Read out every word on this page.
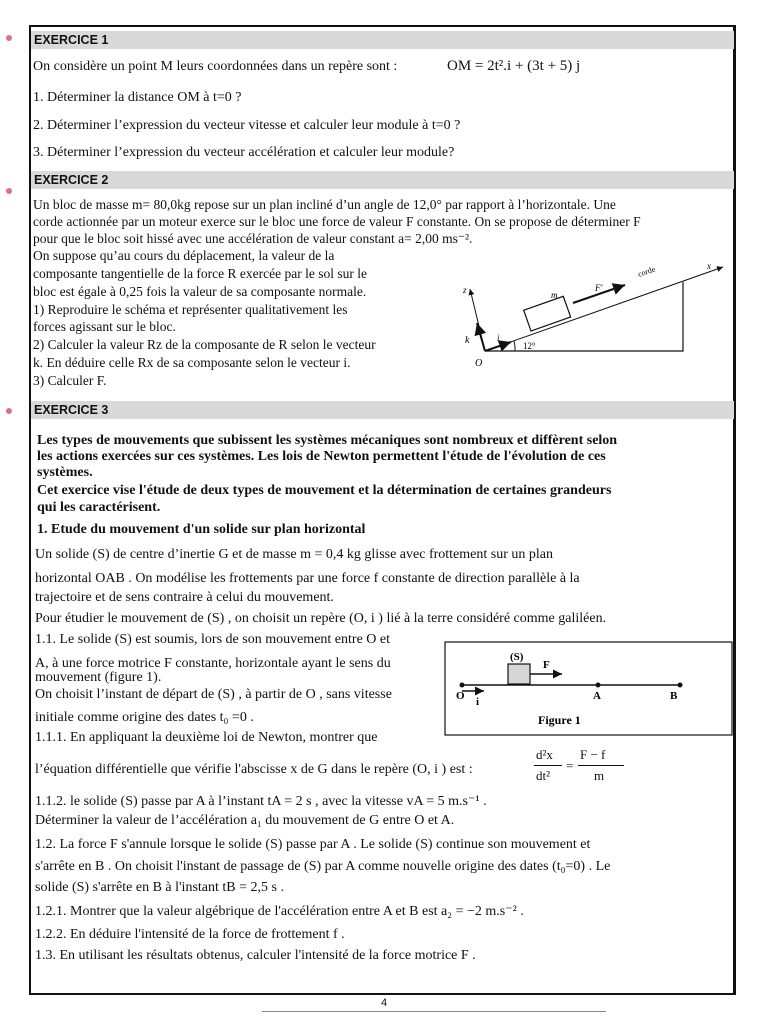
EXERCICE 1
On considère un point M leurs coordonnées dans un repère sont :	OM = 2t².i + (3t + 5) j
1. Déterminer la distance OM à t=0 ?
2. Déterminer l’expression du vecteur vitesse et calculer leur module à t=0 ?
3. Déterminer l’expression du vecteur accélération et calculer leur module?
EXERCICE 2
Un bloc de masse m= 80,0kg repose sur un plan incliné d’un angle de 12,0° par rapport à l’horizontale. Une
corde actionnée par un moteur exerce sur le bloc une force de valeur F constante. On se propose de déterminer F
pour que le bloc soit hissé avec une accélération de valeur constant a= 2,00 ms⁻².
On suppose qu’au cours du déplacement, la valeur de la
composante tangentielle de la force R exercée par le sol sur le
bloc est égale à 0,25 fois la valeur de sa composante normale.
1) Reproduire le schéma et représenter qualitativement les
forces agissant sur le bloc.
2) Calculer la valeur Rz de la composante de R selon le vecteur
k. En déduire celle Rx de sa composante selon le vecteur i.
3) Calculer F.
z
k	i
O
12°
m
F'
corde	x
EXERCICE 3
Les types de mouvements que subissent les systèmes mécaniques sont nombreux et diffèrent selon
les actions exercées sur ces systèmes. Les lois de Newton permettent l'étude de l'évolution de ces
systèmes.
Cet exercice vise l'étude de deux types de mouvement et la détermination de certaines grandeurs
qui les caractérisent.
1. Etude du mouvement d'un solide sur plan horizontal
Un solide (S) de centre d’inertie G et de masse m = 0,4 kg glisse avec frottement sur un plan
horizontal OAB . On modélise les frottements par une force f constante de direction parallèle à la
trajectoire et de sens contraire à celui du mouvement.
Pour étudier le mouvement de (S) , on choisit un repère (O, i ) lié à la terre considéré comme galiléen.
1.1. Le solide (S) est soumis, lors de son mouvement entre O et
A, à une force motrice F constante, horizontale ayant le sens du
mouvement (figure 1).
On choisit l’instant de départ de (S) , à partir de O , sans vitesse
initiale comme origine des dates t₀ =0 .
1.1.1. En appliquant la deuxième loi de Newton, montrer que
(S)
F
O i	A	B
Figure 1
l’équation différentielle que vérifie l'abscisse x de G dans le repère (O, i ) est :
d²x
dt²
=
F − f
m
1.1.2. le solide (S) passe par A à l’instant tA = 2 s , avec la vitesse vA = 5 m.s⁻¹ .
Déterminer la valeur de l’accélération a₁ du mouvement de G entre O et A.
1.2. La force F s'annule lorsque le solide (S) passe par A . Le solide (S) continue son mouvement et
s'arrête en B . On choisit l'instant de passage de (S) par A comme nouvelle origine des dates (t₀=0) . Le
solide (S) s'arrête en B à l'instant tB = 2,5 s .
1.2.1. Montrer que la valeur algébrique de l'accélération entre A et B est a₂ = −2 m.s⁻² .
1.2.2. En déduire l'intensité de la force de frottement f .
1.3. En utilisant les résultats obtenus, calculer l'intensité de la force motrice F .
4
